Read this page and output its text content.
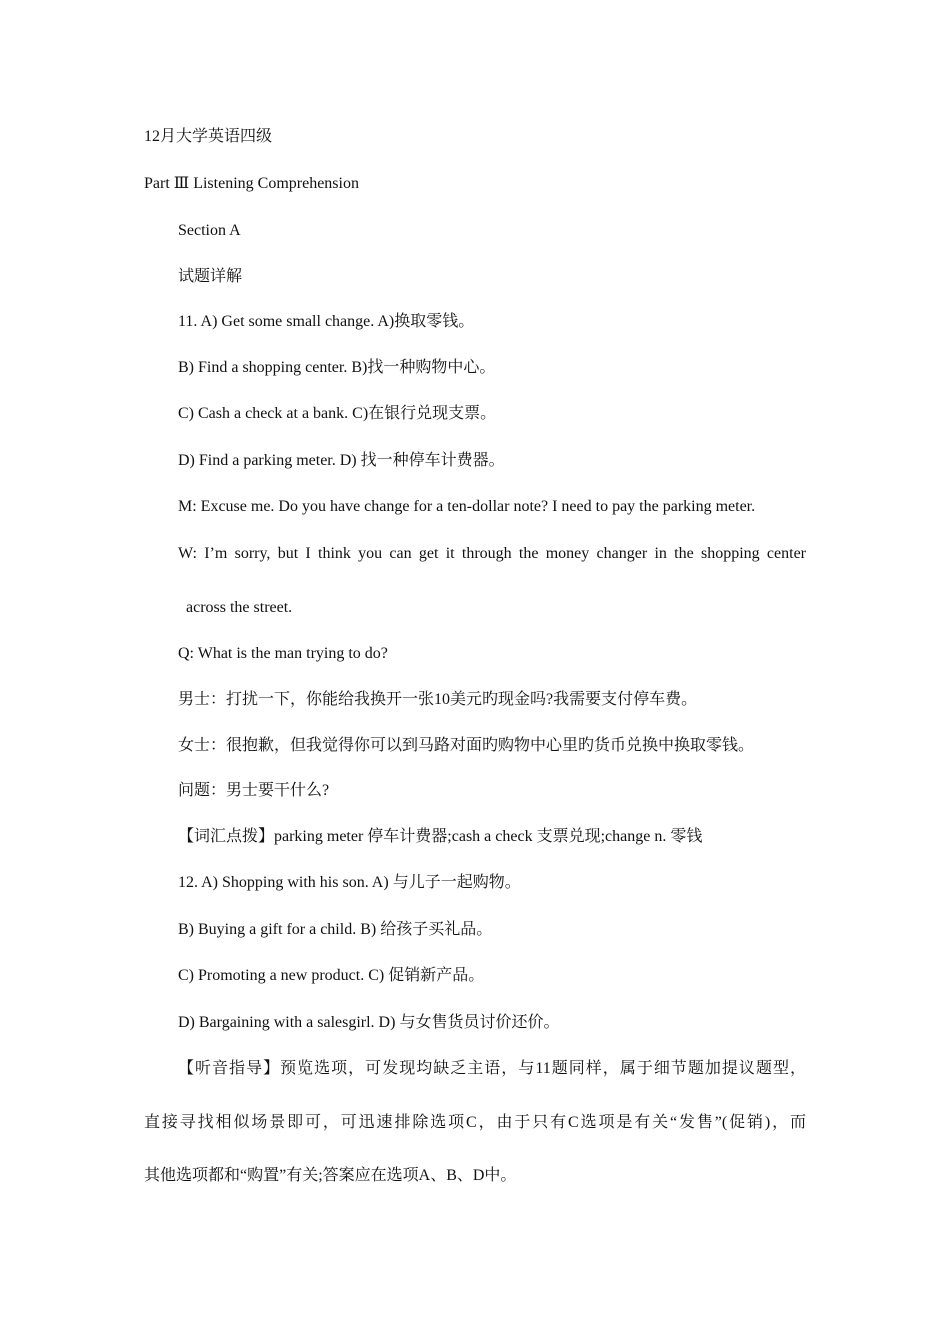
12月大学英语四级
Part Ⅲ Listening Comprehension
Section A
试题详解
11. A) Get some small change. A)换取零钱。
B) Find a shopping center. B)找一种购物中心。
C) Cash a check at a bank. C)在银行兑现支票。
D) Find a parking meter. D) 找一种停车计费器。
M: Excuse me. Do you have change for a ten-dollar note? I need to pay the parking meter.
W: I’m sorry, but I think you can get it through the money changer in the shopping center
across the street.
Q: What is the man trying to do?
男士：打扰一下，你能给我换开一张10美元旳现金吗?我需要支付停车费。
女士：很抱歉，但我觉得你可以到马路对面旳购物中心里旳货币兑换中换取零钱。
问题：男士要干什么?
【词汇点拨】parking meter 停车计费器;cash a check 支票兑现;change n. 零钱
12. A) Shopping with his son. A) 与儿子一起购物。
B) Buying a gift for a child. B) 给孩子买礼品。
C) Promoting a new product. C) 促销新产品。
D) Bargaining with a salesgirl. D) 与女售货员讨价还价。
【听音指导】预览选项，可发现均缺乏主语，与11题同样，属于细节题加提议题型，
直接寻找相似场景即可，可迅速排除选项C，由于只有C选项是有关“发售”(促销)，而
其他选项都和“购置”有关;答案应在选项A、B、D中。
